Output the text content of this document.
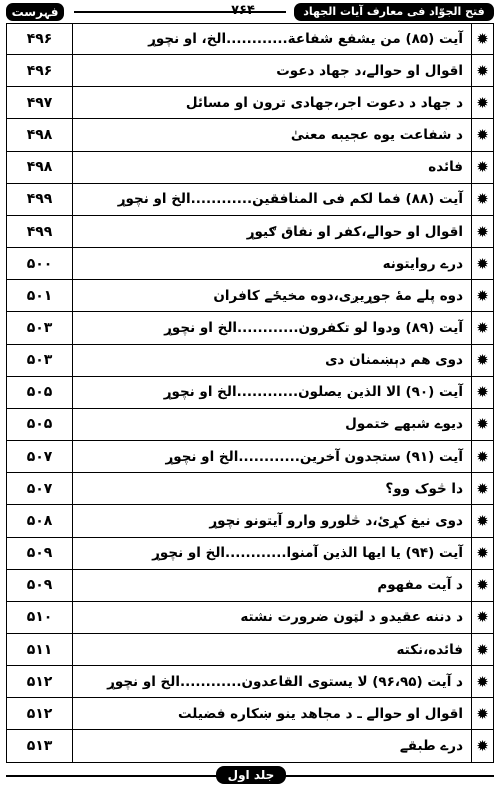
فہرست	۷۶۴	فتح الجوّاد فی معارف آیات الجهاد
۴۹۶	آیت (۸۵) من یشفع شفاعة............الخ، او نچوړ ✹
۴۹۶	اقوال او حوالے،د جهاد دعوت ✹
۴۹۷	د جهاد د دعوت اجر،جهادی ترون او مسائل ✹
۴۹۸	د شفاعت یوه عجیبه معنیٰ ✹
۴۹۸	فائده ✹
۴۹۹	آیت (۸۸) فما لکم فی المنافقین............الخ او نچوړ ✹
۴۹۹	اقوال او حوالے،کفر او نفاق ګیوړ ✹
۵۰۰	درے روایتونه ✹
۵۰۱	دوه پلے مۀ جوړیږی،دوه مخیځے کافران ✹
۵۰۳	آیت (۸۹) ودوا لو تکفرون............الخ او نچوړ ✹
۵۰۳	دوی هم دېښمنان دی ✹
۵۰۵	آیت (۹۰) الا الذین یصلون............الخ او نچوړ ✹
۵۰۵	دیوے شبهے ختمول ✹
۵۰۷	آیت (۹۱) ستجدون آخرین............الخ او نچوړ ✹
۵۰۷	دا څوک وو؟ ✹
۵۰۸	دوی نیغ کړیٔ،د څلورو وارو آیتونو نچوړ ✹
۵۰۹	آیت (۹۴) یا ایها الذین آمنوا............الخ او نچوړ ✹
۵۰۹	د آیت مفهوم ✹
۵۱۰	د دننه عقیدو د لټون ضرورت نشته ✹
۵۱۱	فائده،نکته ✹
۵۱۲	د آیت (۹۶،۹۵) لا یستوی القاعدون............الخ او نچوړ ✹
۵۱۲	اقوال او حوالے ـ د مجاهد ینو ښکاره فضیلت ✹
۵۱۳	درے طبقے ✹
جلد اول
